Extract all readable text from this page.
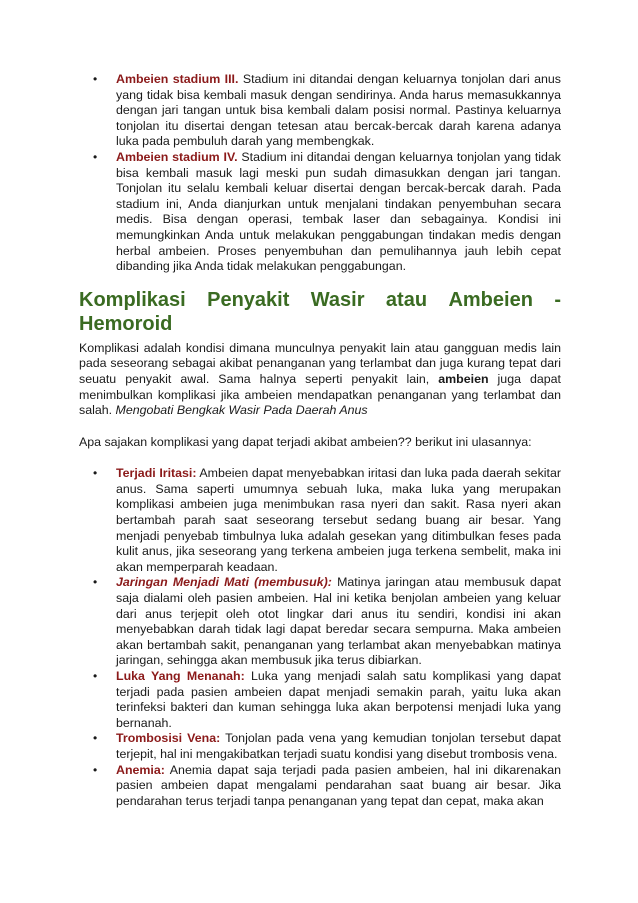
• Ambeien stadium III. Stadium ini ditandai dengan keluarnya tonjolan dari anus yang tidak bisa kembali masuk dengan sendirinya. Anda harus memasukkannya dengan jari tangan untuk bisa kembali dalam posisi normal. Pastinya keluarnya tonjolan itu disertai dengan tetesan atau bercak-bercak darah karena adanya luka pada pembuluh darah yang membengkak.
• Ambeien stadium IV. Stadium ini ditandai dengan keluarnya tonjolan yang tidak bisa kembali masuk lagi meski pun sudah dimasukkan dengan jari tangan. Tonjolan itu selalu kembali keluar disertai dengan bercak-bercak darah. Pada stadium ini, Anda dianjurkan untuk menjalani tindakan penyembuhan secara medis. Bisa dengan operasi, tembak laser dan sebagainya. Kondisi ini memungkinkan Anda untuk melakukan penggabungan tindakan medis dengan herbal ambeien. Proses penyembuhan dan pemulihannya jauh lebih cepat dibanding jika Anda tidak melakukan penggabungan.
Komplikasi Penyakit Wasir atau Ambeien -
Hemoroid

Komplikasi adalah kondisi dimana munculnya penyakit lain atau gangguan medis lain pada seseorang sebagai akibat penanganan yang terlambat dan juga kurang tepat dari seuatu penyakit awal. Sama halnya seperti penyakit lain, ambeien juga dapat menimbulkan komplikasi jika ambeien mendapatkan penanganan yang terlambat dan salah. Mengobati Bengkak Wasir Pada Daerah Anus

Apa sajakan komplikasi yang dapat terjadi akibat ambeien?? berikut ini ulasannya:

• Terjadi Iritasi: Ambeien dapat menyebabkan iritasi dan luka pada daerah sekitar anus. Sama saperti umumnya sebuah luka, maka luka yang merupakan komplikasi ambeien juga menimbukan rasa nyeri dan sakit. Rasa nyeri akan bertambah parah saat seseorang tersebut sedang buang air besar. Yang menjadi penyebab timbulnya luka adalah gesekan yang ditimbulkan feses pada kulit anus, jika seseorang yang terkena ambeien juga terkena sembelit, maka ini akan memperparah keadaan.
• Jaringan Menjadi Mati (membusuk): Matinya jaringan atau membusuk dapat saja dialami oleh pasien ambeien. Hal ini ketika benjolan ambeien yang keluar dari anus terjepit oleh otot lingkar dari anus itu sendiri, kondisi ini akan menyebabkan darah tidak lagi dapat beredar secara sempurna. Maka ambeien akan bertambah sakit, penanganan yang terlambat akan menyebabkan matinya jaringan, sehingga akan membusuk jika terus dibiarkan.
• Luka Yang Menanah: Luka yang menjadi salah satu komplikasi yang dapat terjadi pada pasien ambeien dapat menjadi semakin parah, yaitu luka akan terinfeksi bakteri dan kuman sehingga luka akan berpotensi menjadi luka yang bernanah.
• Trombosisi Vena: Tonjolan pada vena yang kemudian tonjolan tersebut dapat terjepit, hal ini mengakibatkan terjadi suatu kondisi yang disebut trombosis vena.
• Anemia: Anemia dapat saja terjadi pada pasien ambeien, hal ini dikarenakan pasien ambeien dapat mengalami pendarahan saat buang air besar. Jika pendarahan terus terjadi tanpa penanganan yang tepat dan cepat, maka akan
